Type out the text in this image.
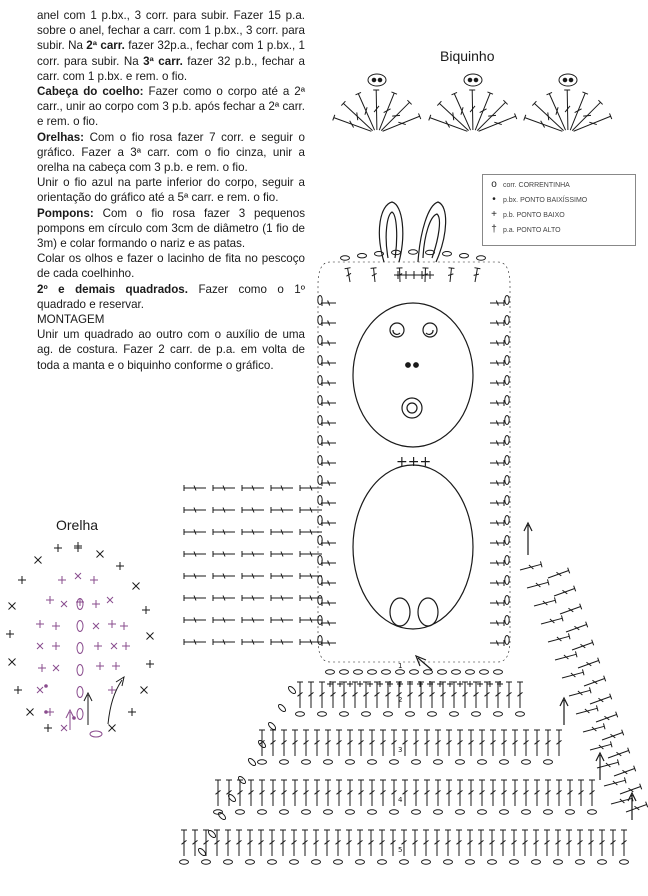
anel com 1 p.bx., 3 corr. para subir. Fazer 15 p.a. sobre o anel, fechar a carr. com 1 p.bx., 3 corr. para subir. Na 2ª carr. fazer 32p.a., fechar com 1 p.bx., 1 corr. para subir. Na 3ª carr. fazer 32 p.b., fechar a carr. com 1 p.bx. e rem. o fio.

Cabeça do coelho: Fazer como o corpo até a 2ª carr., unir ao corpo com 3 p.b. após fechar a 2ª carr. e rem. o fio.

Orelhas: Com o fio rosa fazer 7 corr. e seguir o gráfico. Fazer a 3ª carr. com o fio cinza, unir a orelha na cabeça com 3 p.b. e rem. o fio.

Unir o fio azul na parte inferior do corpo, seguir a orientação do gráfico até a 5ª carr. e rem. o fio.

Pompons: Com o fio rosa fazer 3 pequenos pompons em círculo com 3cm de diâmetro (1 fio de 3m) e colar formando o nariz e as patas.

Colar os olhos e fazer o lacinho de fita no pescoço de cada coelhinho.

2º e demais quadrados. Fazer como o 1º quadrado e reservar.

MONTAGEM

Unir um quadrado ao outro com o auxílio de uma ag. de costura. Fazer 2 carr. de p.a. em volta de toda a manta e o biquinho conforme o gráfico.

Biquinho
Orelha
o corr. CORRENTINHA
• p.bx. PONTO BAIXÍSSIMO
+ p.b. PONTO BAIXO
† p.a. PONTO ALTO
+++
1
2
3
4
5
